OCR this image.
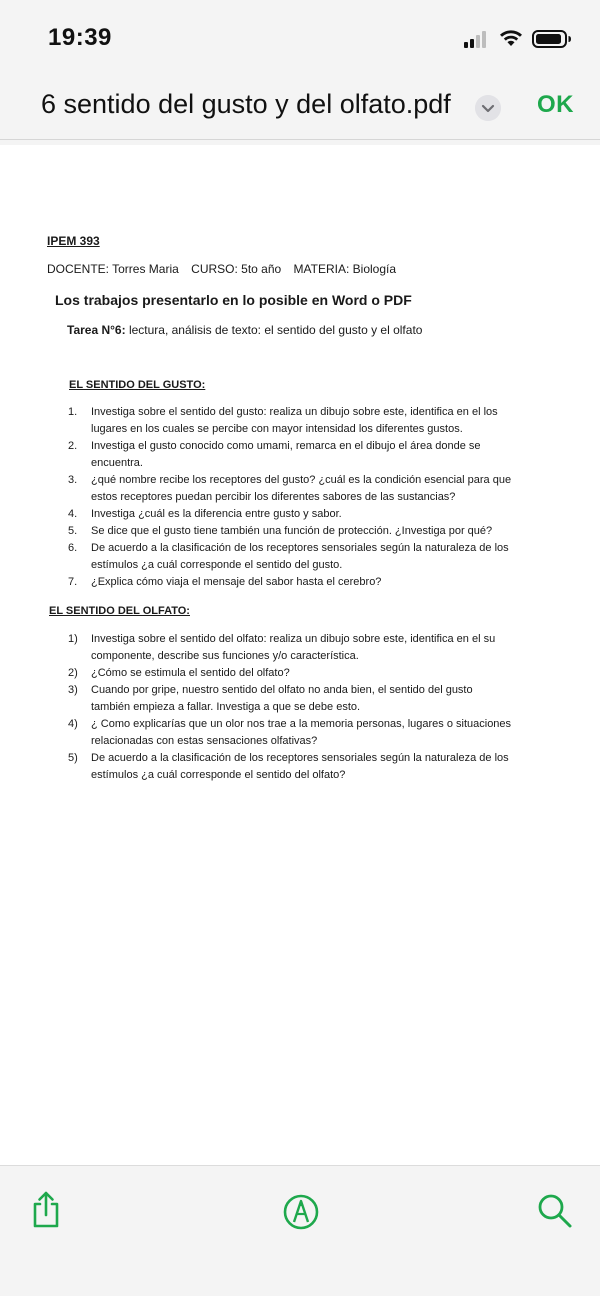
19:39
6 sentido del gusto y del olfato.pdf	OK
IPEM 393
DOCENTE: Torres Maria CURSO: 5to año MATERIA: Biología
Los trabajos presentarlo en lo posible en Word o PDF
Tarea N°6: lectura, análisis de texto: el sentido del gusto y el olfato
EL SENTIDO DEL GUSTO:
1. Investiga sobre el sentido del gusto: realiza un dibujo sobre este, identifica en el los
lugares en los cuales se percibe con mayor intensidad los diferentes gustos.
2. Investiga el gusto conocido como umami, remarca en el dibujo el área donde se
encuentra.
3. ¿qué nombre recibe los receptores del gusto? ¿cuál es la condición esencial para que
estos receptores puedan percibir los diferentes sabores de las sustancias?
4. Investiga ¿cuál es la diferencia entre gusto y sabor.
5. Se dice que el gusto tiene también una función de protección. ¿Investiga por qué?
6. De acuerdo a la clasificación de los receptores sensoriales según la naturaleza de los
estímulos ¿a cuál corresponde el sentido del gusto.
7. ¿Explica cómo viaja el mensaje del sabor hasta el cerebro?
EL SENTIDO DEL OLFATO:
1) Investiga sobre el sentido del olfato: realiza un dibujo sobre este, identifica en el su
componente, describe sus funciones y/o característica.
2) ¿Cómo se estimula el sentido del olfato?
3) Cuando por gripe, nuestro sentido del olfato no anda bien, el sentido del gusto
también empieza a fallar. Investiga a que se debe esto.
4) ¿ Como explicarías que un olor nos trae a la memoria personas, lugares o situaciones
relacionadas con estas sensaciones olfativas?
5) De acuerdo a la clasificación de los receptores sensoriales según la naturaleza de los
estímulos ¿a cuál corresponde el sentido del olfato?
